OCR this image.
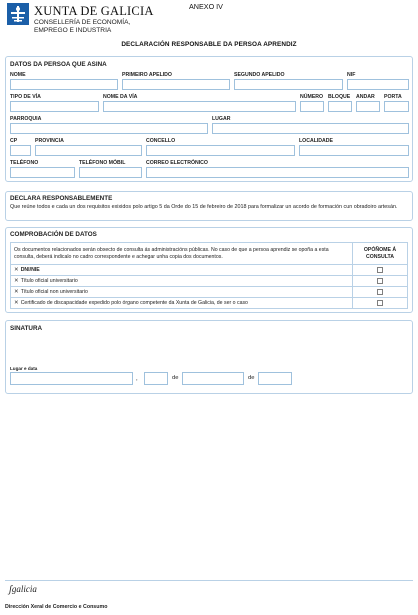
XUNTA DE GALICIA
CONSELLERÍA DE ECONOMÍA,
EMPREGO E INDUSTRIA
ANEXO IV
DECLARACIÓN RESPONSABLE DA PERSOA APRENDIZ
DATOS DA PERSOA QUE ASINA
NOME	PRIMEIRO APELIDO	SEGUNDO APELIDO	NIF
TIPO DE VÍA	NOME DA VÍA	NÚMERO BLOQUE ANDAR PORTA
PARROQUIA	LUGAR
CP	PROVINCIA	CONCELLO	LOCALIDADE
TELÉFONO	TELÉFONO MÓBIL	CORREO ELECTRÓNICO
DECLARA RESPONSABLEMENTE
Que reúne todos e cada un dos requisitos exixidos polo artigo 5 da Orde do 15 de febreiro de 2018 para formalizar un acordo de formación cun obradoiro artesán.
COMPROBACIÓN DE DATOS
Os documentos relacionados serán obxecto de consulta ás administracións públicas. No caso de que a persoa aprendiz se opoña a esta consulta, deberá indicalo no cadro correspondente e achegar unha copia dos documentos.	OPÓÑOME Á CONSULTA
✕ DNI/NIE	
✕ Título oficial universitario	
✕ Título oficial non universitario	
✕ Certificado de discapacidade expedido polo órgano competente da Xunta de Galicia, de ser o caso	
SINATURA
Lugar e data
,	de	de
ʃgalicia
Dirección Xeral de Comercio e Consumo
